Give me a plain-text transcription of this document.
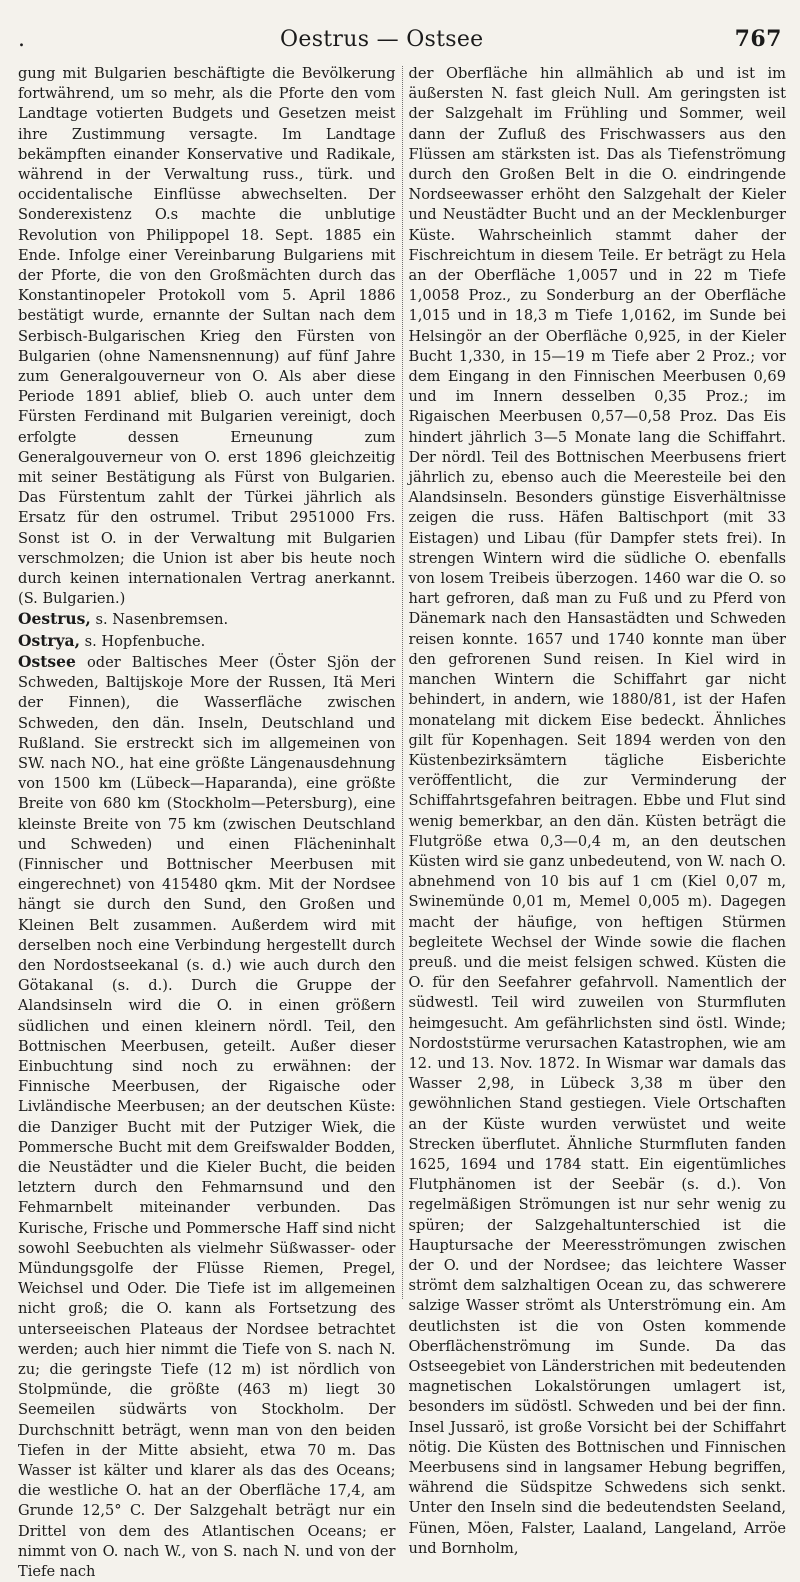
.	Oestrus — Ostsee	767

gung mit Bulgarien beschäftigte die Bevölkerung fortwährend, um so mehr, als die Pforte den vom Landtage votierten Budgets und Gesetzen meist ihre Zustimmung versagte. Im Landtage bekämpften einander Konservative und Radikale, während in der Verwaltung russ., türk. und occidentalische Einflüsse abwechselten. Der Sonderexistenz O.s machte die unblutige Revolution von Philippopel 18. Sept. 1885 ein Ende. Infolge einer Vereinbarung Bulgariens mit der Pforte, die von den Großmächten durch das Konstantinopeler Protokoll vom 5. April 1886 bestätigt wurde, ernannte der Sultan nach dem Serbisch-Bulgarischen Krieg den Fürsten von Bulgarien (ohne Namensnennung) auf fünf Jahre zum Generalgouverneur von O. Als aber diese Periode 1891 ablief, blieb O. auch unter dem Fürsten Ferdinand mit Bulgarien vereinigt, doch erfolgte dessen Erneunung zum Generalgouverneur von O. erst 1896 gleichzeitig mit seiner Bestätigung als Fürst von Bulgarien. Das Fürstentum zahlt der Türkei jährlich als Ersatz für den ostrumel. Tribut 2951000 Frs. Sonst ist O. in der Verwaltung mit Bulgarien verschmolzen; die Union ist aber bis heute noch durch keinen internationalen Vertrag anerkannt. (S. Bulgarien.)

Oestrus, s. Nasenbremsen.

Ostrya, s. Hopfenbuche.

Ostsee oder Baltisches Meer (Öster Sjön der Schweden, Baltijskoje More der Russen, Itä Meri der Finnen), die Wasserfläche zwischen Schweden, den dän. Inseln, Deutschland und Rußland. Sie erstreckt sich im allgemeinen von SW. nach NO., hat eine größte Längenausdehnung von 1500 km (Lübeck—Haparanda), eine größte Breite von 680 km (Stockholm—Petersburg), eine kleinste Breite von 75 km (zwischen Deutschland und Schweden) und einen Flächeninhalt (Finnischer und Bottnischer Meerbusen mit eingerechnet) von 415480 qkm. Mit der Nordsee hängt sie durch den Sund, den Großen und Kleinen Belt zusammen. Außerdem wird mit derselben noch eine Verbindung hergestellt durch den Nordostseekanal (s. d.) wie auch durch den Götakanal (s. d.). Durch die Gruppe der Alandsinseln wird die O. in einen größern südlichen und einen kleinern nördl. Teil, den Bottnischen Meerbusen, geteilt. Außer dieser Einbuchtung sind noch zu erwähnen: der Finnische Meerbusen, der Rigaische oder Livländische Meerbusen; an der deutschen Küste: die Danziger Bucht mit der Putziger Wiek, die Pommersche Bucht mit dem Greifswalder Bodden, die Neustädter und die Kieler Bucht, die beiden letztern durch den Fehmarnsund und den Fehmarnbelt miteinander verbunden. Das Kurische, Frische und Pommersche Haff sind nicht sowohl Seebuchten als vielmehr Süßwasser- oder Mündungsgolfe der Flüsse Riemen, Pregel, Weichsel und Oder. Die Tiefe ist im allgemeinen nicht groß; die O. kann als Fortsetzung des unterseeischen Plateaus der Nordsee betrachtet werden; auch hier nimmt die Tiefe von S. nach N. zu; die geringste Tiefe (12 m) ist nördlich von Stolpmünde, die größte (463 m) liegt 30 Seemeilen südwärts von Stockholm. Der Durchschnitt beträgt, wenn man von den beiden Tiefen in der Mitte absieht, etwa 70 m. Das Wasser ist kälter und klarer als das des Oceans; die westliche O. hat an der Oberfläche 17,4, am Grunde 12,5° C. Der Salzgehalt beträgt nur ein Drittel von dem des Atlantischen Oceans; er nimmt von O. nach W., von S. nach N. und von der Tiefe nach

der Oberfläche hin allmählich ab und ist im äußersten N. fast gleich Null. Am geringsten ist der Salzgehalt im Frühling und Sommer, weil dann der Zufluß des Frischwassers aus den Flüssen am stärksten ist. Das als Tiefenströmung durch den Großen Belt in die O. eindringende Nordseewasser erhöht den Salzgehalt der Kieler und Neustädter Bucht und an der Mecklenburger Küste. Wahrscheinlich stammt daher der Fischreichtum in diesem Teile. Er beträgt zu Hela an der Oberfläche 1,0057 und in 22 m Tiefe 1,0058 Proz., zu Sonderburg an der Oberfläche 1,015 und in 18,3 m Tiefe 1,0162, im Sunde bei Helsingör an der Oberfläche 0,925, in der Kieler Bucht 1,330, in 15—19 m Tiefe aber 2 Proz.; vor dem Eingang in den Finnischen Meerbusen 0,69 und im Innern desselben 0,35 Proz.; im Rigaischen Meerbusen 0,57—0,58 Proz. Das Eis hindert jährlich 3—5 Monate lang die Schiffahrt. Der nördl. Teil des Bottnischen Meerbusens friert jährlich zu, ebenso auch die Meeresteile bei den Alandsinseln. Besonders günstige Eisverhältnisse zeigen die russ. Häfen Baltischport (mit 33 Eistagen) und Libau (für Dampfer stets frei). In strengen Wintern wird die südliche O. ebenfalls von losem Treibeis überzogen. 1460 war die O. so hart gefroren, daß man zu Fuß und zu Pferd von Dänemark nach den Hansastädten und Schweden reisen konnte. 1657 und 1740 konnte man über den gefrorenen Sund reisen. In Kiel wird in manchen Wintern die Schiffahrt gar nicht behindert, in andern, wie 1880/81, ist der Hafen monatelang mit dickem Eise bedeckt. Ähnliches gilt für Kopenhagen. Seit 1894 werden von den Küstenbezirksämtern tägliche Eisberichte veröffentlicht, die zur Verminderung der Schiffahrtsgefahren beitragen. Ebbe und Flut sind wenig bemerkbar, an den dän. Küsten beträgt die Flutgröße etwa 0,3—0,4 m, an den deutschen Küsten wird sie ganz unbedeutend, von W. nach O. abnehmend von 10 bis auf 1 cm (Kiel 0,07 m, Swinemünde 0,01 m, Memel 0,005 m). Dagegen macht der häufige, von heftigen Stürmen begleitete Wechsel der Winde sowie die flachen preuß. und die meist felsigen schwed. Küsten die O. für den Seefahrer gefahrvoll. Namentlich der südwestl. Teil wird zuweilen von Sturmfluten heimgesucht. Am gefährlichsten sind östl. Winde; Nordoststürme verursachen Katastrophen, wie am 12. und 13. Nov. 1872. In Wismar war damals das Wasser 2,98, in Lübeck 3,38 m über den gewöhnlichen Stand gestiegen. Viele Ortschaften an der Küste wurden verwüstet und weite Strecken überflutet. Ähnliche Sturmfluten fanden 1625, 1694 und 1784 statt. Ein eigentümliches Flutphänomen ist der Seebär (s. d.). Von regelmäßigen Strömungen ist nur sehr wenig zu spüren; der Salzgehaltunterschied ist die Hauptursache der Meeresströmungen zwischen der O. und der Nordsee; das leichtere Wasser strömt dem salzhaltigen Ocean zu, das schwerere salzige Wasser strömt als Unterströmung ein. Am deutlichsten ist die von Osten kommende Oberflächenströmung im Sunde. Da das Ostseegebiet von Länderstrichen mit bedeutenden magnetischen Lokalstörungen umlagert ist, besonders im südöstl. Schweden und bei der finn. Insel Jussarö, ist große Vorsicht bei der Schiffahrt nötig. Die Küsten des Bottnischen und Finnischen Meerbusens sind in langsamer Hebung begriffen, während die Südspitze Schwedens sich senkt. Unter den Inseln sind die bedeutendsten Seeland, Fünen, Möen, Falster, Laaland, Langeland, Arröe und Bornholm,
